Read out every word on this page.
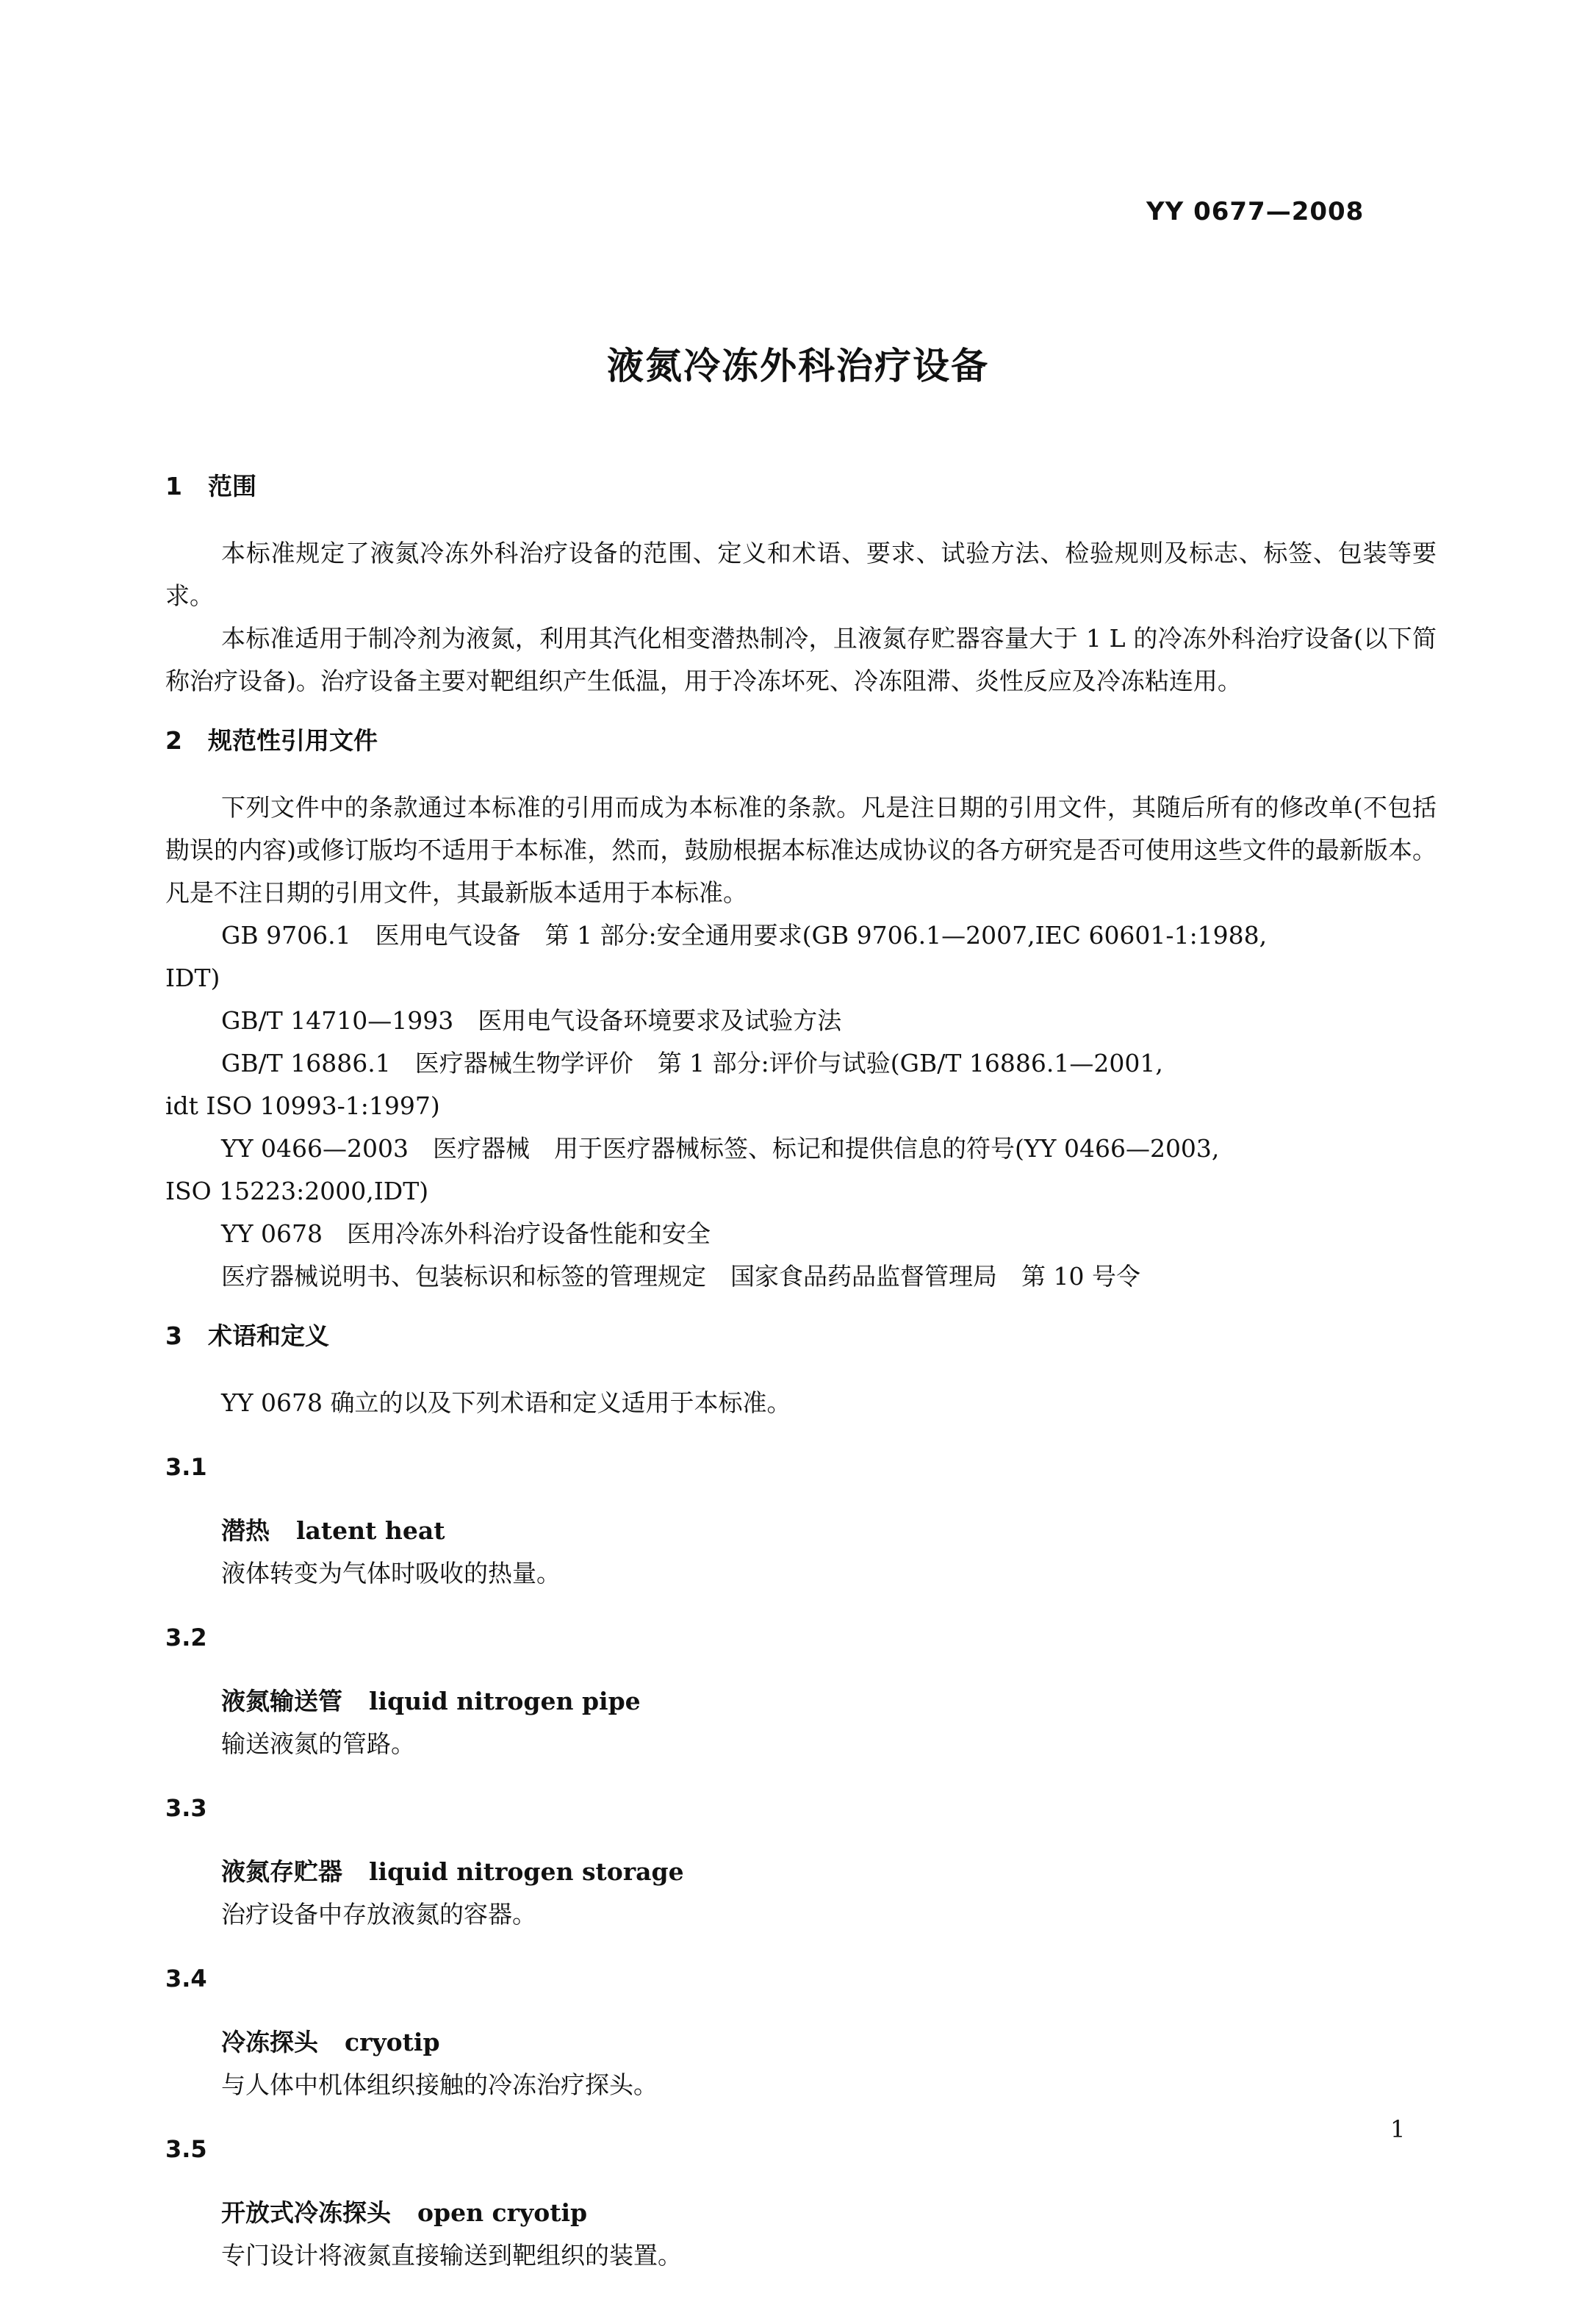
YY 0677—2008
液氮冷冻外科治疗设备
1 范围

本标准规定了液氮冷冻外科治疗设备的范围、定义和术语、要求、试验方法、检验规则及标志、标签、包装等要求。

本标准适用于制冷剂为液氮，利用其汽化相变潜热制冷，且液氮存贮器容量大于 1 L 的冷冻外科治疗设备(以下简称治疗设备)。治疗设备主要对靶组织产生低温，用于冷冻坏死、冷冻阻滞、炎性反应及冷冻粘连用。

2 规范性引用文件

下列文件中的条款通过本标准的引用而成为本标准的条款。凡是注日期的引用文件，其随后所有的修改单(不包括勘误的内容)或修订版均不适用于本标准，然而，鼓励根据本标准达成协议的各方研究是否可使用这些文件的最新版本。凡是不注日期的引用文件，其最新版本适用于本标准。

GB 9706.1　医用电气设备　第 1 部分:安全通用要求(GB 9706.1—2007,IEC 60601-1:1988,

IDT)

GB/T 14710—1993　医用电气设备环境要求及试验方法

GB/T 16886.1　医疗器械生物学评价　第 1 部分:评价与试验(GB/T 16886.1—2001,

idt ISO 10993-1:1997)

YY 0466—2003　医疗器械　用于医疗器械标签、标记和提供信息的符号(YY 0466—2003,

ISO 15223:2000,IDT)

YY 0678　医用冷冻外科治疗设备性能和安全

医疗器械说明书、包装标识和标签的管理规定　国家食品药品监督管理局　第 10 号令

3 术语和定义

YY 0678 确立的以及下列术语和定义适用于本标准。

3.1

潜热 latent heat

液体转变为气体时吸收的热量。

3.2

液氮输送管 liquid nitrogen pipe

输送液氮的管路。

3.3

液氮存贮器 liquid nitrogen storage

治疗设备中存放液氮的容器。

3.4

冷冻探头 cryotip

与人体中机体组织接触的冷冻治疗探头。

3.5

开放式冷冻探头 open cryotip

专门设计将液氮直接输送到靶组织的装置。

1
